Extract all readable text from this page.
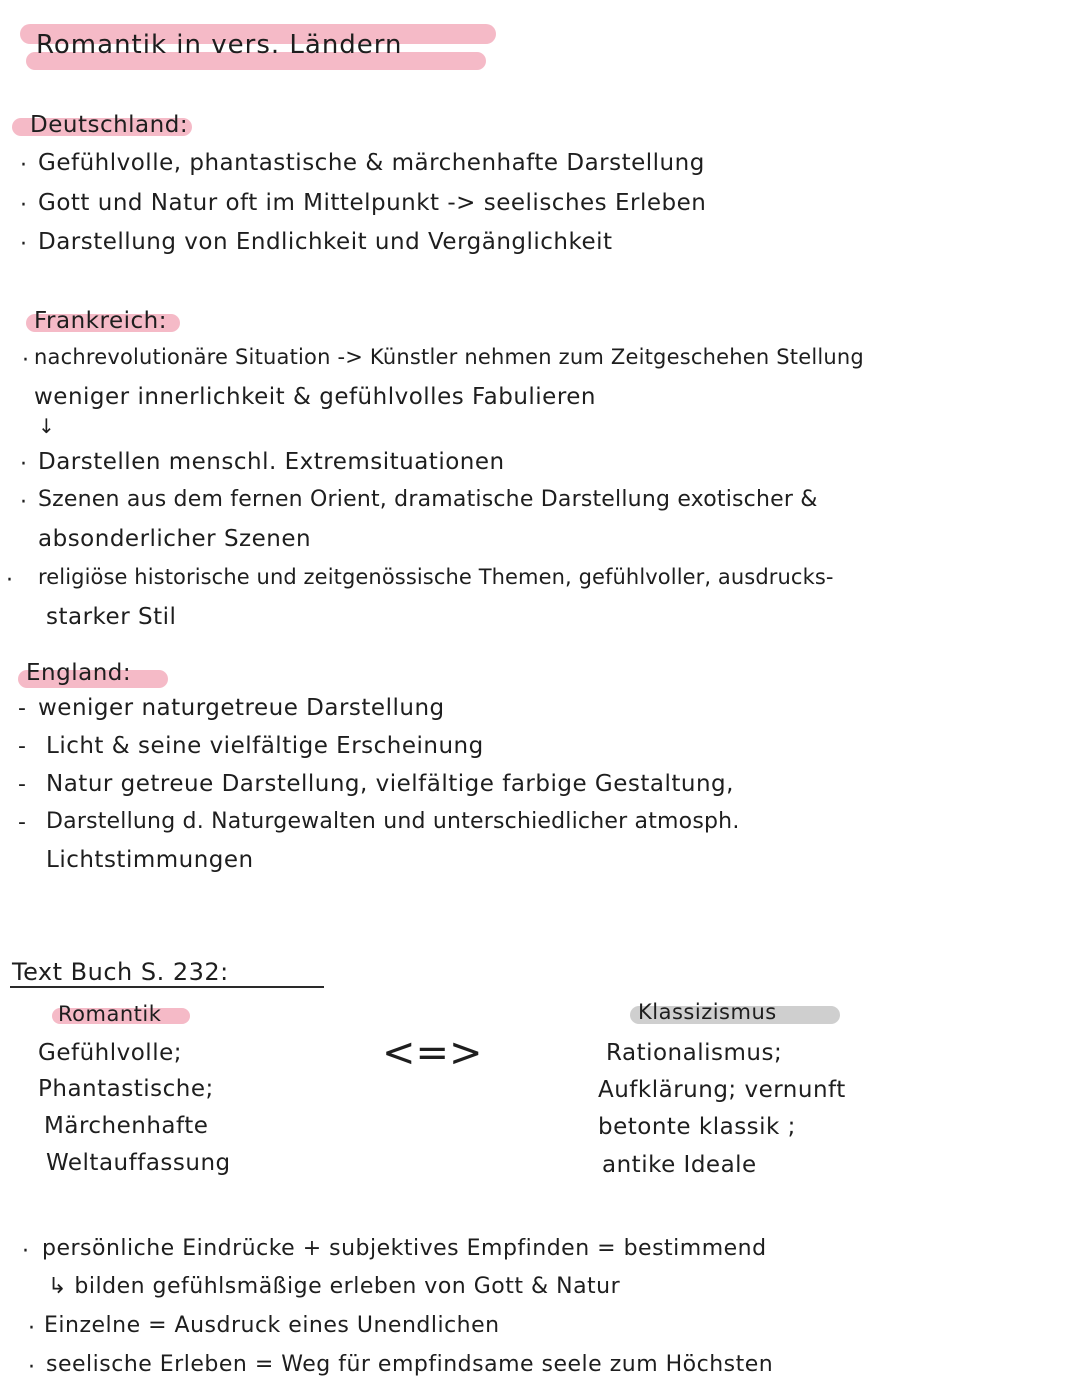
Romantik in vers. Ländern
Deutschland:
· Gefühlvolle, phantastische & märchenhafte Darstellung
· Gott und Natur oft im Mittelpunkt -> seelisches Erleben
· Darstellung von Endlichkeit und Vergänglichkeit
Frankreich:
· nachrevolutionäre Situation -> Künstler nehmen zum Zeitgeschehen Stellung
weniger innerlichkeit & gefühlvolles Fabulieren
↓
· Darstellen menschl. Extremsituationen
· Szenen aus dem fernen Orient, dramatische Darstellung exotischer &
absonderlicher Szenen
· religiöse historische und zeitgenössische Themen, gefühlvoller, ausdrucks-
starker Stil
England:
- weniger naturgetreue Darstellung
- Licht & seine vielfältige Erscheinung
- Natur getreue Darstellung, vielfältige farbige Gestaltung,
- Darstellung d. Naturgewalten und unterschiedlicher atmosph.
Lichtstimmungen
Text Buch S. 232:
Romantik
Gefühlvolle;
Phantastische;
Märchenhafte
Weltauffassung
<=>
Klassizismus
Rationalismus;
Aufklärung; vernunft
betonte klassik ;
antike Ideale
· persönliche Eindrücke + subjektives Empfinden = bestimmend
↳ bilden gefühlsmäßige erleben von Gott & Natur
· Einzelne = Ausdruck eines Unendlichen
· seelische Erleben = Weg für empfindsame seele zum Höchsten
